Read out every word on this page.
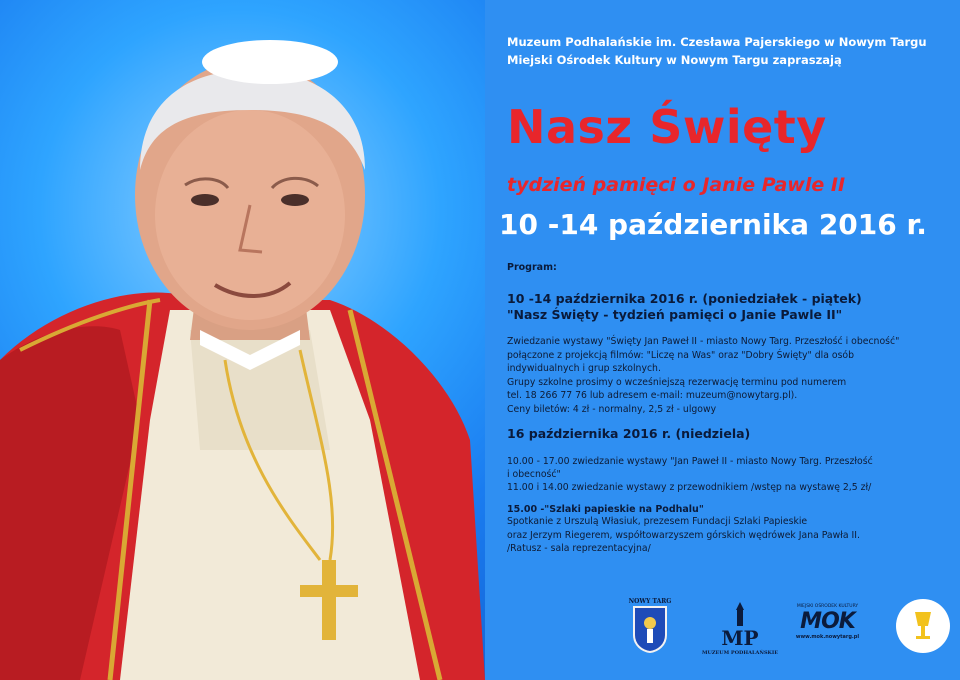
Muzeum Podhalańskie im. Czesława Pajerskiego w Nowym Targu
Miejski Ośrodek Kultury w Nowym Targu zapraszają
Nasz Święty
tydzień pamięci o Janie Pawle II
10 -14 października 2016 r.
Program:
10 -14 października 2016 r. (poniedziałek - piątek)
"Nasz Święty - tydzień pamięci o Janie Pawle II"
Zwiedzanie wystawy "Święty Jan Paweł II - miasto Nowy Targ. Przeszłość i obecność"
połączone z projekcją filmów: "Liczę na Was" oraz "Dobry Święty" dla osób
indywidualnych i grup szkolnych.
Grupy szkolne prosimy o wcześniejszą rezerwację terminu pod numerem
tel. 18 266 77 76 lub adresem e-mail: muzeum@nowytarg.pl).
Ceny biletów: 4 zł - normalny, 2,5 zł - ulgowy
16 października 2016 r. (niedziela)
10.00 - 17.00 zwiedzanie wystawy "Jan Paweł II - miasto Nowy Targ. Przeszłość
i obecność"
11.00 i 14.00 zwiedzanie wystawy z przewodnikiem /wstęp na wystawę 2,5 zł/
15.00 -"Szlaki papieskie na Podhalu"
Spotkanie z Urszulą Własiuk, prezesem Fundacji Szlaki Papieskie
oraz Jerzym Riegerem, współtowarzyszem górskich wędrówek Jana Pawła II.
/Ratusz - sala reprezentacyjna/
NOWY TARG
MP
MUZEUM PODHALAŃSKIE
MIEJSKI OŚRODEK KULTURY
MOK
www.mok.nowytarg.pl
